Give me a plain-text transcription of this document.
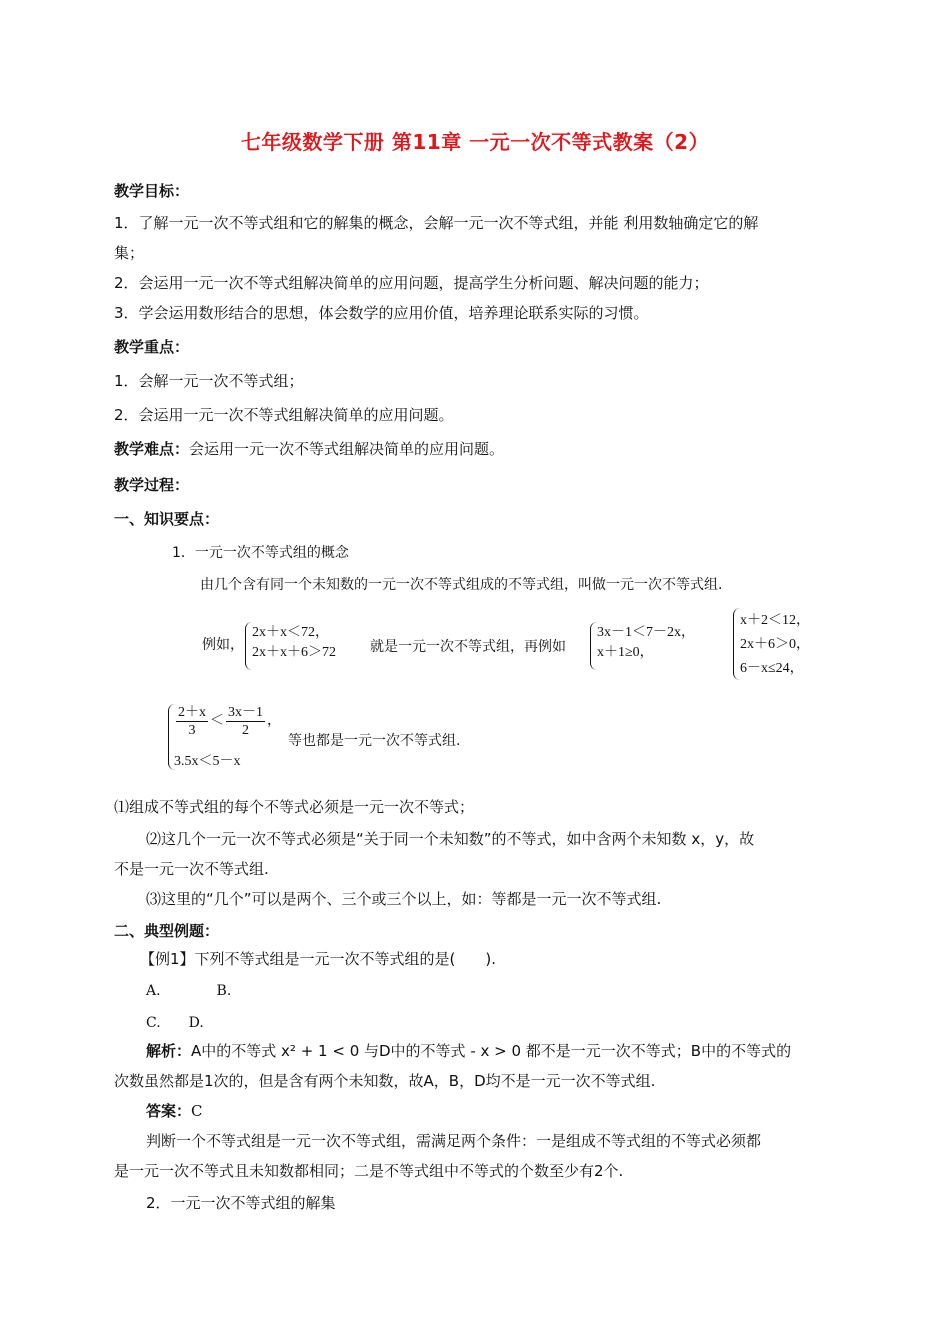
七年级数学下册 第11章 一元一次不等式教案（2）
教学目标：
1．了解一元一次不等式组和它的解集的概念，会解一元一次不等式组，并能 利用数轴确定它的解
集；
2．会运用一元一次不等式组解决简单的应用问题，提高学生分析问题、解决问题的能力；
3．学会运用数形结合的思想，体会数学的应用价值，培养理论联系实际的习惯。
教学重点：
1．会解一元一次不等式组；
2．会运用一元一次不等式组解决简单的应用问题。
教学难点：会运用一元一次不等式组解决简单的应用问题。
教学过程：
一、知识要点：
1．一元一次不等式组的概念
由几个含有同一个未知数的一元一次不等式组成的不等式组，叫做一元一次不等式组.
例如，
2x＋x＜72，
2x＋x＋6＞72 就是一元一次不等式组，再例如
3x－1＜7－2x，
x＋1≥0，
x＋2＜12，
2x＋6＞0，
6－x≤24，
$\frac{2+x}{3} < \frac{3x-1}{2}$ ，
3.5x＜5－x
等也都是一元一次不等式组.
⑴组成不等式组的每个不等式必须是一元一次不等式；
⑵这几个一元一次不等式必须是“关于同一个未知数”的不等式，如中含两个未知数 x，y，故
不是一元一次不等式组.
⑶这里的“几个”可以是两个、三个或三个以上，如：等都是一元一次不等式组.
二、典型例题：
【例1】下列不等式组是一元一次不等式组的是(　　).
A.　　　　B.
C.　　D.
解析：A中的不等式 x² + 1 < 0 与D中的不等式 - x > 0 都不是一元一次不等式；B中的不等式的
次数虽然都是1次的，但是含有两个未知数，故A，B，D均不是一元一次不等式组.
答案：C
判断一个不等式组是一元一次不等式组，需满足两个条件：一是组成不等式组的不等式必须都
是一元一次不等式且未知数都相同；二是不等式组中不等式的个数至少有2个.
2．一元一次不等式组的解集
